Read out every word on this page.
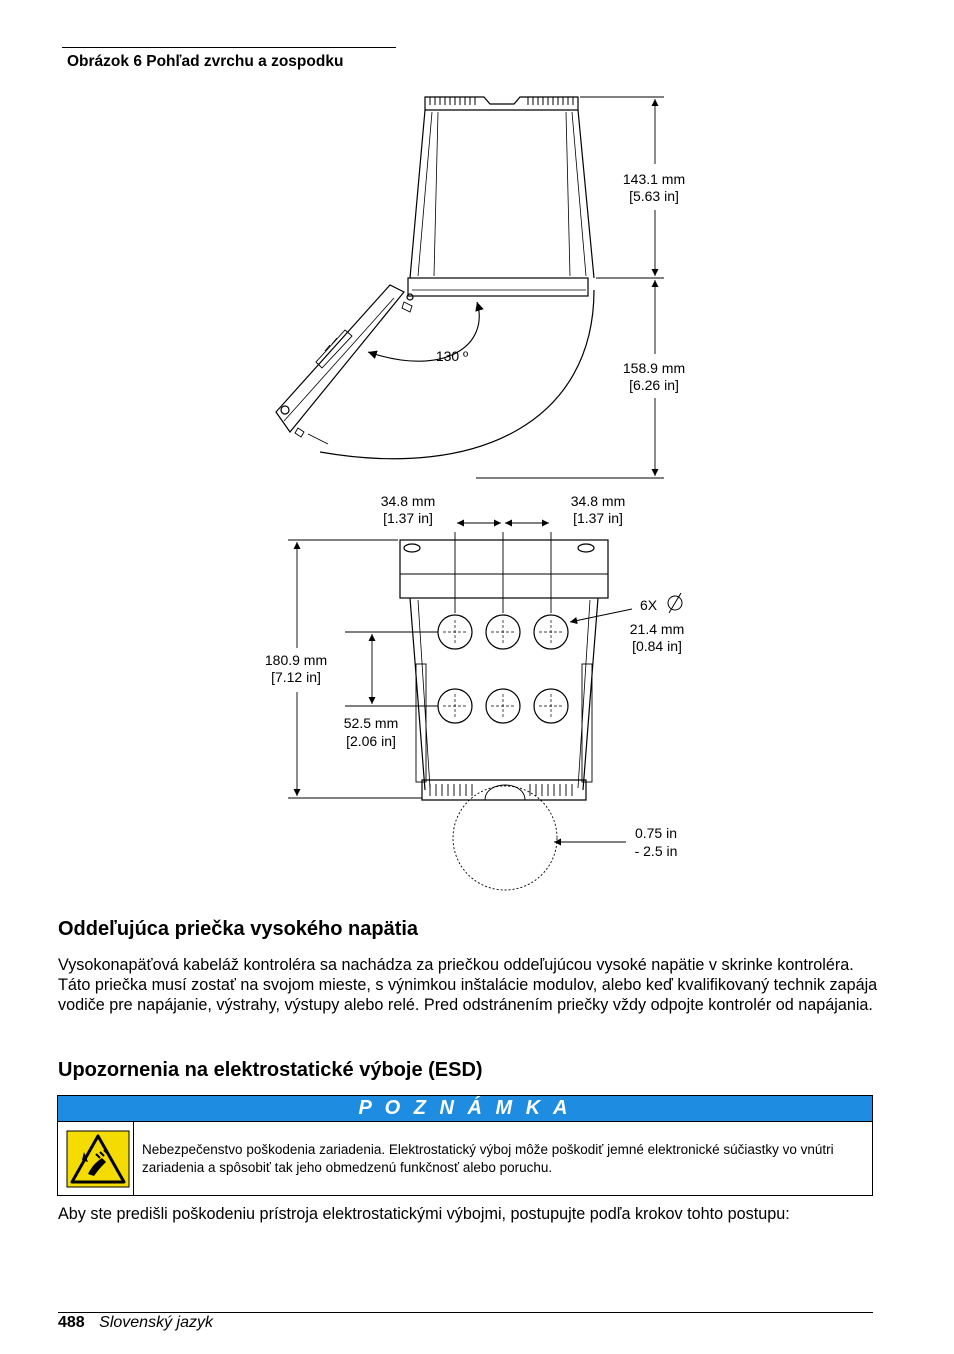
Obrázok 6 Pohľad zvrchu a zospodku
143.1 mm
[5.63 in]
158.9 mm
[6.26 in]
130 º
34.8 mm
[1.37 in]
34.8 mm
[1.37 in]
6X
21.4 mm
[0.84 in]
180.9 mm
[7.12 in]
52.5 mm
[2.06 in]
0.75 in
- 2.5 in
Oddeľujúca priečka vysokého napätia
Vysokonapäťová kabeláž kontroléra sa nachádza za priečkou oddeľujúcou vysoké napätie v skrinke kontroléra. Táto priečka musí zostať na svojom mieste, s výnimkou inštalácie modulov, alebo keď kvalifikovaný technik zapája vodiče pre napájanie, výstrahy, výstupy alebo relé. Pred odstránením priečky vždy odpojte kontrolér od napájania.
Upozornenia na elektrostatické výboje (ESD)
P O Z N Á M K A
Nebezpečenstvo poškodenia zariadenia. Elektrostatický výboj môže poškodiť jemné elektronické súčiastky vo vnútri zariadenia a spôsobiť tak jeho obmedzenú funkčnosť alebo poruchu.
Aby ste predišli poškodeniu prístroja elektrostatickými výbojmi, postupujte podľa krokov tohto postupu:
488 Slovenský jazyk
